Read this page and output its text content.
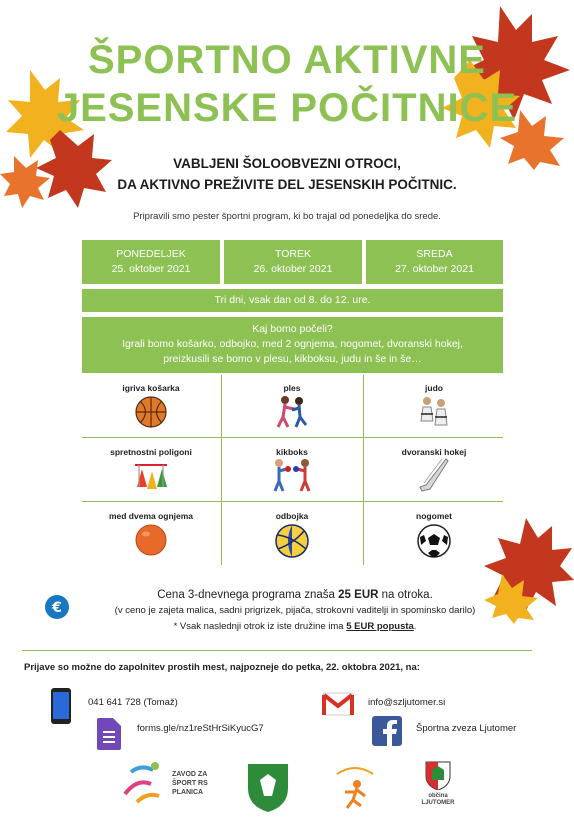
ŠPORTNO AKTIVNE
JESENSKE POČITNICE
VABLJENI ŠOLOOBVEZNI OTROCI,
DA AKTIVNO PREŽIVITE DEL JESENSKIH POČITNIC.
Pripravili smo pester športni program, ki bo trajal od ponedeljka do srede.
PONEDELJEK
25. oktober 2021
TOREK
26. oktober 2021
SREDA
27. oktober 2021
Tri dni, vsak dan od 8. do 12. ure.
Kaj bomo počeli?
Igrali bomo košarko, odbojko, med 2 ognjema, nogomet, dvoranski hokej,
preizkusili se bomo v plesu, kikboksu, judu in še in še…
igriva košarka	ples	judo
spretnostni poligoni	kikboks	dvoranski hokej
med dvema ognjema	odbojka	nogomet
€
Cena 3-dnevnega programa znaša 25 EUR na otroka.
(v ceno je zajeta malica, sadni prigrizek, pijača, strokovni vaditelji in spominsko darilo)
* Vsak naslednji otrok iz iste družine ima 5 EUR popusta.
Prijave so možne do zapolnitev prostih mest, najpozneje do petka, 22. oktobra 2021, na:
041 641 728 (Tomaž)	info@szljutomer.si
forms.gle/nz1reStHrSiKyucG7	Športna zveza Ljutomer
ZAVOD ZA
ŠPORT RS
PLANICA	občina
LJUTOMER
